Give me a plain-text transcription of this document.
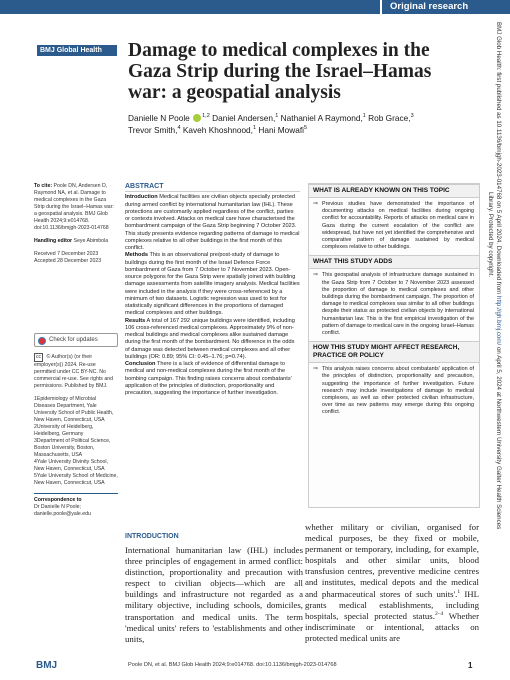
Original research
BMJ Global Health	Damage to medical complexes in the Gaza Strip during the Israel–Hamas war: a geospatial analysis
Danielle N Poole $^{1,2}$ Daniel Andersen,$^1$ Nathaniel A Raymond,$^1$ Rob Grace,$^3$
Trevor Smith,$^4$ Kaveh Khoshnood,$^1$ Hani Mowafi$^5$
To cite: Poole DN, Andersen D, Raymond NA, et al. Damage to medical complexes in the Gaza Strip during the Israel–Hamas war: a geospatial analysis. BMJ Glob Health 2024;9:e014768. doi:10.1136/bmjgh-2023-014768
Handling editor Seye Abimbola
Received 7 December 2023
Accepted 28 December 2023
Check for updates
cc © Author(s) (or their employer(s)) 2024. Re-use permitted under CC BY-NC. No commercial re-use. See rights and permissions. Published by BMJ.
1Epidemiology of Microbial Diseases Department, Yale University School of Public Health, New Haven, Connecticut, USA
2University of Heidelberg, Heidelberg, Germany
3Department of Political Science, Boston University, Boston, Massachusetts, USA
4Yale University Divinity School, New Haven, Connecticut, USA
5Yale University School of Medicine, New Haven, Connecticut, USA
Correspondence to
Dr Danielle N Poole;
danielle.poole@yale.edu
ABSTRACT

Introduction Medical facilities are civilian objects specially protected during armed conflict by international humanitarian law (IHL). These protections are customarily applied regardless of the conflict, parties or contexts involved. Attacks on medical care have characterised the bombardment campaign of the Gaza Strip beginning 7 October 2023. This study presents evidence regarding patterns of damage to medical complexes relative to all other buildings in the first month of this conflict.

Methods This is an observational pre/post-study of damage to buildings during the first month of the Israel Defence Force bombardment of Gaza from 7 October to 7 November 2023. Open-source polygons for the Gaza Strip were spatially joined with building damage assessments from satellite imagery analysis. Medical facilities were included in the analysis if they were cross-referenced by a minimum of two datasets. Logistic regression was used to test for statistically significant differences in the proportions of damaged medical complexes and other buildings.

Results A total of 167 292 unique buildings were identified, including 106 cross-referenced medical complexes. Approximately 9% of non-medical buildings and medical complexes alike sustained damage during the first month of the bombardment. No difference in the odds of damage was detected between medical complexes and all other buildings (OR: 0.89; 95% CI: 0.45–1.76; p=0.74).

Conclusion There is a lack of evidence of differential damage to medical and non-medical complexes during the first month of the bombing campaign. This finding raises concerns about combatants' application of the principles of distinction, proportionality and precaution, suggesting the importance of further investigation.

WHAT IS ALREADY KNOWN ON THIS TOPIC
⇒ Previous studies have demonstrated the importance of documenting attacks on medical facilities during ongoing conflict for accountability. Reports of attacks on medical care in Gaza during the current escalation of the conflict are widespread, but have not yet identified the comprehensive and comparative pattern of damage sustained by medical complexes relative to other buildings.
WHAT THIS STUDY ADDS
⇒ This geospatial analysis of infrastructure damage sustained in the Gaza Strip from 7 October to 7 November 2023 assessed the proportion of damage to medical complexes and other buildings during the bombardment campaign. The proportion of damage to medical complexes was similar to all other buildings despite their status as protected civilian objects by international humanitarian law. This is the first empirical investigation of the pattern of damage to medical care in the ongoing Israel–Hamas conflict.
HOW THIS STUDY MIGHT AFFECT RESEARCH, PRACTICE OR POLICY
⇒ This analysis raises concerns about combatants' application of the principles of distinction, proportionality and precaution, suggesting the importance of further investigation. Future research may include investigations of damage to medical complexes, as well as other protected civilian infrastructure, over time as new patterns may emerge during this ongoing conflict.
INTRODUCTION
International humanitarian law (IHL) includes three principles of engagement in armed conflict: distinction, proportionality and precaution with respect to civilian objects—which are all buildings and infrastructure not regarded as a military objective, including schools, domiciles, transportation and medical units. The term 'medical units' refers to 'establishments and other units,
whether military or civilian, organised for medical purposes, be they fixed or mobile, permanent or temporary, including, for example, hospitals and other similar units, blood transfusion centres, preventive medicine centres and institutes, medical depots and the medical and pharmaceutical stores of such units'.$^1$ IHL grants medical establishments, including hospitals, special protected status.$^{2-4}$ Whether indiscriminate or intentional, attacks on protected medical units are
BMJ	Poole DN, et al. BMJ Glob Health 2024;9:e014768. doi:10.1136/bmjgh-2023-014768	1
BMJ Glob Health: first published as 10.1136/bmjgh-2023-014768 on 5 April 2024. Downloaded from http://gh.bmj.com/ on April 5, 2024 at Northwestern University Galter Health Sciences
Library. Protected by copyright.
